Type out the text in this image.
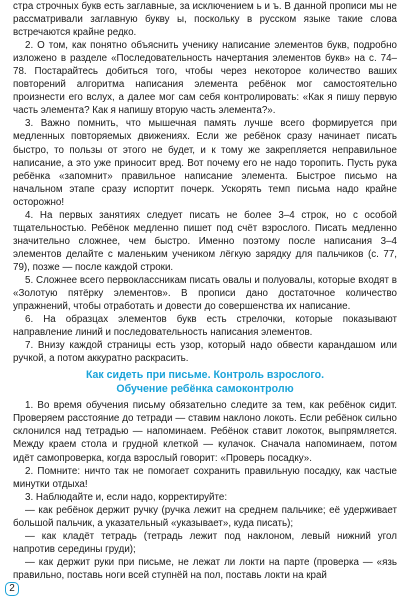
стра строчных букв есть заглавные, за исключением ь и ъ. В данной прописи мы не рассматривали заглавную букву ы, поскольку в русском языке такие слова встречаются крайне редко.

2. О том, как понятно объяснить ученику написание элементов букв, подробно изложено в разделе «Последовательность начертания элементов букв» на с. 74–78. Постарайтесь добиться того, чтобы через некоторое количество ваших повторений алгоритма написания элемента ребёнок мог самостоятельно произнести его вслух, а далее мог сам себя контролировать: «Как я пишу первую часть элемента? Как я напишу вторую часть элемента?».

3. Важно помнить, что мышечная память лучше всего формируется при медленных повторяемых движениях. Если же ребёнок сразу начинает писать быстро, то пользы от этого не будет, и к тому же закрепляется неправильное написание, а это уже приносит вред. Вот почему его не надо торопить. Пусть рука ребёнка «запомнит» правильное написание элемента. Быстрое письмо на начальном этапе сразу испортит почерк. Ускорять темп письма надо крайне осторожно!

4. На первых занятиях следует писать не более 3–4 строк, но с особой тщательностью. Ребёнок медленно пишет под счёт взрослого. Писать медленно значительно сложнее, чем быстро. Именно поэтому после написания 3–4 элементов делайте с маленьким учеником лёгкую зарядку для пальчиков (с. 77, 79), позже — после каждой строки.

5. Сложнее всего первоклассникам писать овалы и полуовалы, которые входят в «Золотую пятёрку элементов». В прописи дано достаточное количество упражнений, чтобы отработать и довести до совершенства их написание.

6. На образцах элементов букв есть стрелочки, которые показывают направление линий и последовательность написания элементов.

7. Внизу каждой страницы есть узор, который надо обвести карандашом или ручкой, а потом аккуратно раскрасить.

Как сидеть при письме. Контроль взрослого.
Обучение ребёнка самоконтролю

1. Во время обучения письму обязательно следите за тем, как ребёнок сидит. Проверяем расстояние до тетради — ставим наклоно локоть. Если ребёнок сильно склонился над тетрадью — напоминаем. Ребёнок ставит локоток, выпрямляется. Между краем стола и грудной клеткой — кулачок. Сначала напоминаем, потом идёт самопроверка, когда взрослый говорит: «Проверь посадку».

2. Помните: ничто так не помогает сохранить правильную посадку, как частые минутки отдыха!

3. Наблюдайте и, если надо, корректируйте:

— как ребёнок держит ручку (ручка лежит на среднем пальчике; её удерживает большой пальчик, а указательный «указывает», куда писать);

— как кладёт тетрадь (тетрадь лежит под наклоном, левый нижний угол напротив середины груди);

— как держит руки при письме, не лежат ли локти на парте (проверка — «язь правильно, поставь ноги всей ступнёй на пол, поставь локти на край

2
